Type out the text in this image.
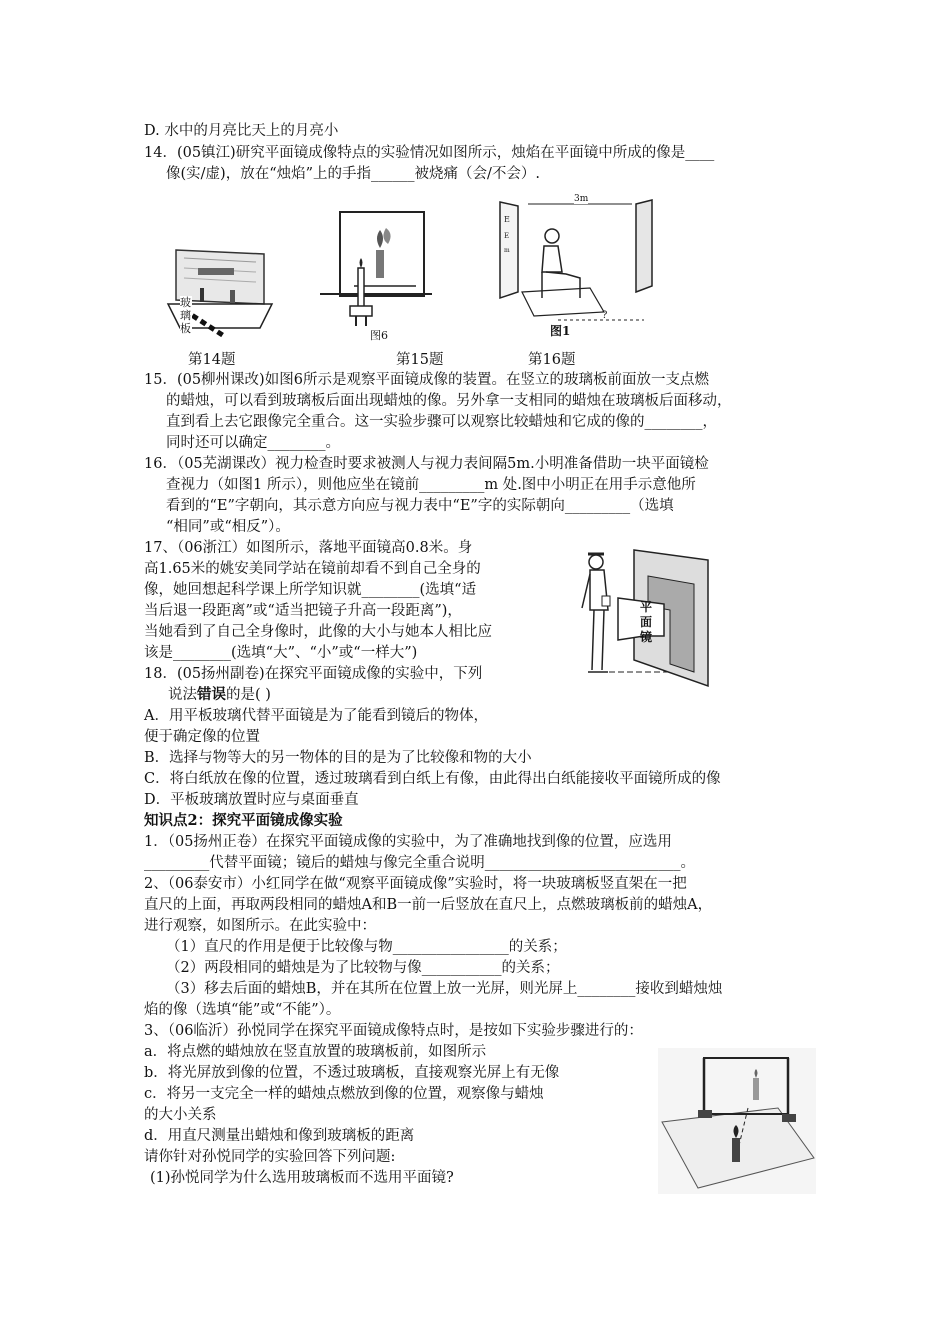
D. 水中的月亮比天上的月亮小
14．(05镇江)研究平面镜成像特点的实验情况如图所示，烛焰在平面镜中所成的像是____
像(实/虚)，放在“烛焰”上的手指______被烧痛（会/不会）.
玻璃板
图6
E
E
m
3m
?
图1
第14题	第15题	第16题
15．(05柳州课改)如图6所示是观察平面镜成像的装置。在竖立的玻璃板前面放一支点燃
的蜡烛，可以看到玻璃板后面出现蜡烛的像。另外拿一支相同的蜡烛在玻璃板后面移动，
直到看上去它跟像完全重合。这一实验步骤可以观察比较蜡烛和它成的像的________，
同时还可以确定________。
16．（05芜湖课改）视力检查时要求被测人与视力表间隔5m.小明准备借助一块平面镜检
查视力（如图1 所示），则他应坐在镜前_________m 处.图中小明正在用手示意他所
看到的“E”字朝向，其示意方向应与视力表中“E”字的实际朝向_________（选填
“相同”或“相反”）。
17、（06浙江）如图所示，落地平面镜高0.8米。身
高1.65米的姚安美同学站在镜前却看不到自己全身的
像，她回想起科学课上所学知识就________(选填“适
当后退一段距离”或“适当把镜子升高一段距离”)，
当她看到了自己全身像时，此像的大小与她本人相比应
该是________(选填“大”、“小”或“一样大”)
平面镜
18．(05扬州副卷)在探究平面镜成像的实验中，下列
说法错误的是( )
A．用平板玻璃代替平面镜是为了能看到镜后的物体，
便于确定像的位置
B．选择与物等大的另一物体的目的是为了比较像和物的大小
C．将白纸放在像的位置，透过玻璃看到白纸上有像，由此得出白纸能接收平面镜所成的像
D．平板玻璃放置时应与桌面垂直
知识点2：探究平面镜成像实验
1．（05扬州正卷）在探究平面镜成像的实验中，为了准确地找到像的位置，应选用
_________代替平面镜；镜后的蜡烛与像完全重合说明___________________________。
2、（06泰安市）小红同学在做“观察平面镜成像”实验时，将一块玻璃板竖直架在一把
直尺的上面，再取两段相同的蜡烛A和B一前一后竖放在直尺上，点燃玻璃板前的蜡烛A，
进行观察，如图所示。在此实验中：
（1）直尺的作用是便于比较像与物________________的关系；
（2）两段相同的蜡烛是为了比较物与像___________的关系；
（3）移去后面的蜡烛B，并在其所在位置上放一光屏，则光屏上________接收到蜡烛烛
焰的像（选填“能”或“不能”）。
3、（06临沂）孙悦同学在探究平面镜成像特点时，是按如下实验步骤进行的：
a．将点燃的蜡烛放在竖直放置的玻璃板前，如图所示
b．将光屏放到像的位置，不透过玻璃板，直接观察光屏上有无像
c．将另一支完全一样的蜡烛点燃放到像的位置，观察像与蜡烛
的大小关系
d．用直尺测量出蜡烛和像到玻璃板的距离
请你针对孙悦同学的实验回答下列问题:
(1)孙悦同学为什么选用玻璃板而不选用平面镜?
